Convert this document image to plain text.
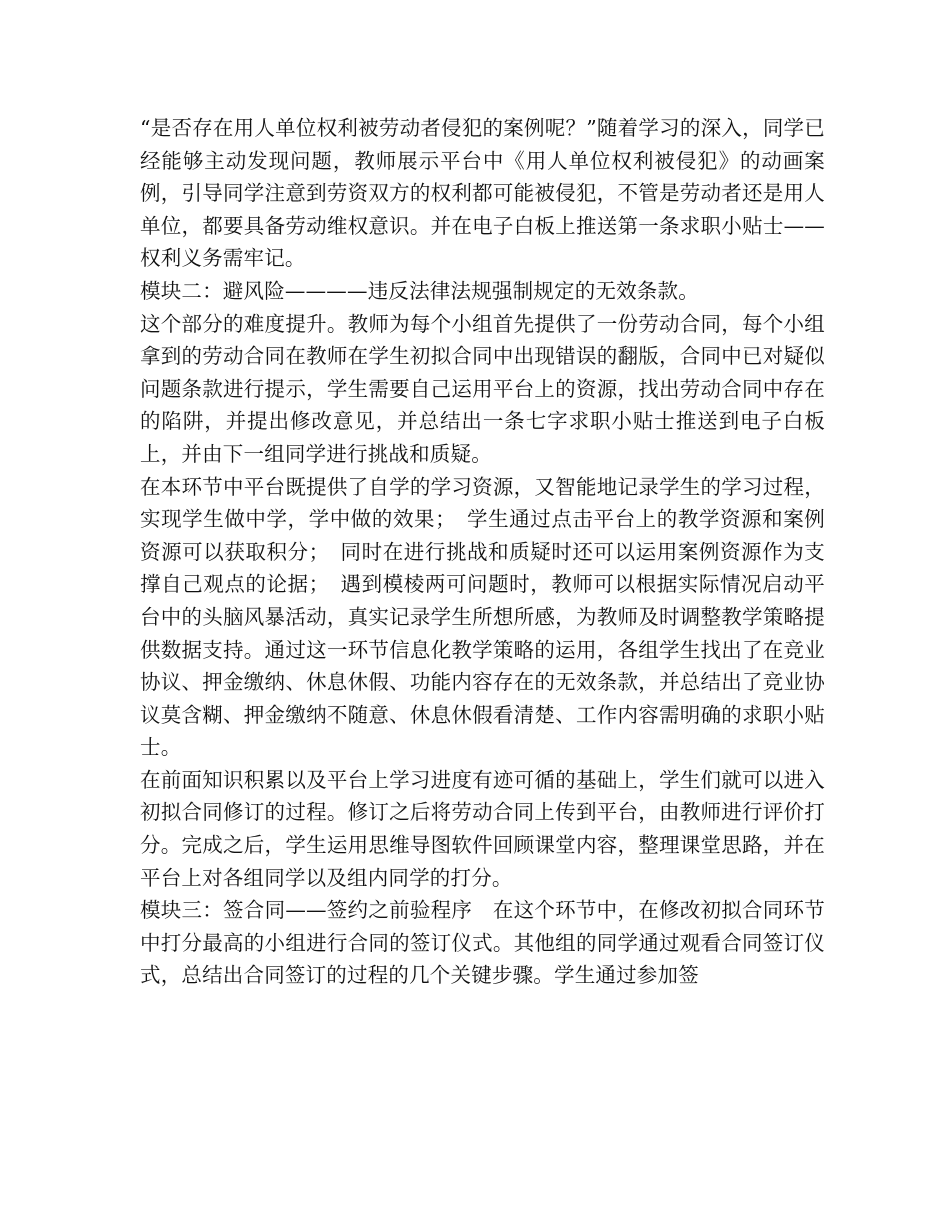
“是否存在用人单位权利被劳动者侵犯的案例呢？”随着学习的深入，同学已经能够主动发现问题，教师展示平台中《用人单位权利被侵犯》的动画案例，引导同学注意到劳资双方的权利都可能被侵犯，不管是劳动者还是用人单位，都要具备劳动维权意识。并在电子白板上推送第一条求职小贴士——权利义务需牢记。

模块二：避风险————违反法律法规强制规定的无效条款。

这个部分的难度提升。教师为每个小组首先提供了一份劳动合同，每个小组拿到的劳动合同在教师在学生初拟合同中出现错误的翻版，合同中已对疑似问题条款进行提示，学生需要自己运用平台上的资源，找出劳动合同中存在的陷阱，并提出修改意见，并总结出一条七字求职小贴士推送到电子白板上，并由下一组同学进行挑战和质疑。

在本环节中平台既提供了自学的学习资源，又智能地记录学生的学习过程，实现学生做中学，学中做的效果；　学生通过点击平台上的教学资源和案例资源可以获取积分；　同时在进行挑战和质疑时还可以运用案例资源作为支撑自己观点的论据；　遇到模棱两可问题时，教师可以根据实际情况启动平台中的头脑风暴活动，真实记录学生所想所感，为教师及时调整教学策略提供数据支持。通过这一环节信息化教学策略的运用，各组学生找出了在竞业协议、押金缴纳、休息休假、功能内容存在的无效条款，并总结出了竞业协议莫含糊、押金缴纳不随意、休息休假看清楚、工作内容需明确的求职小贴士。

在前面知识积累以及平台上学习进度有迹可循的基础上，学生们就可以进入初拟合同修订的过程。修订之后将劳动合同上传到平台，由教师进行评价打分。完成之后，学生运用思维导图软件回顾课堂内容，整理课堂思路，并在平台上对各组同学以及组内同学的打分。

模块三：签合同——签约之前验程序　在这个环节中，在修改初拟合同环节中打分最高的小组进行合同的签订仪式。其他组的同学通过观看合同签订仪式，总结出合同签订的过程的几个关键步骤。学生通过参加签
